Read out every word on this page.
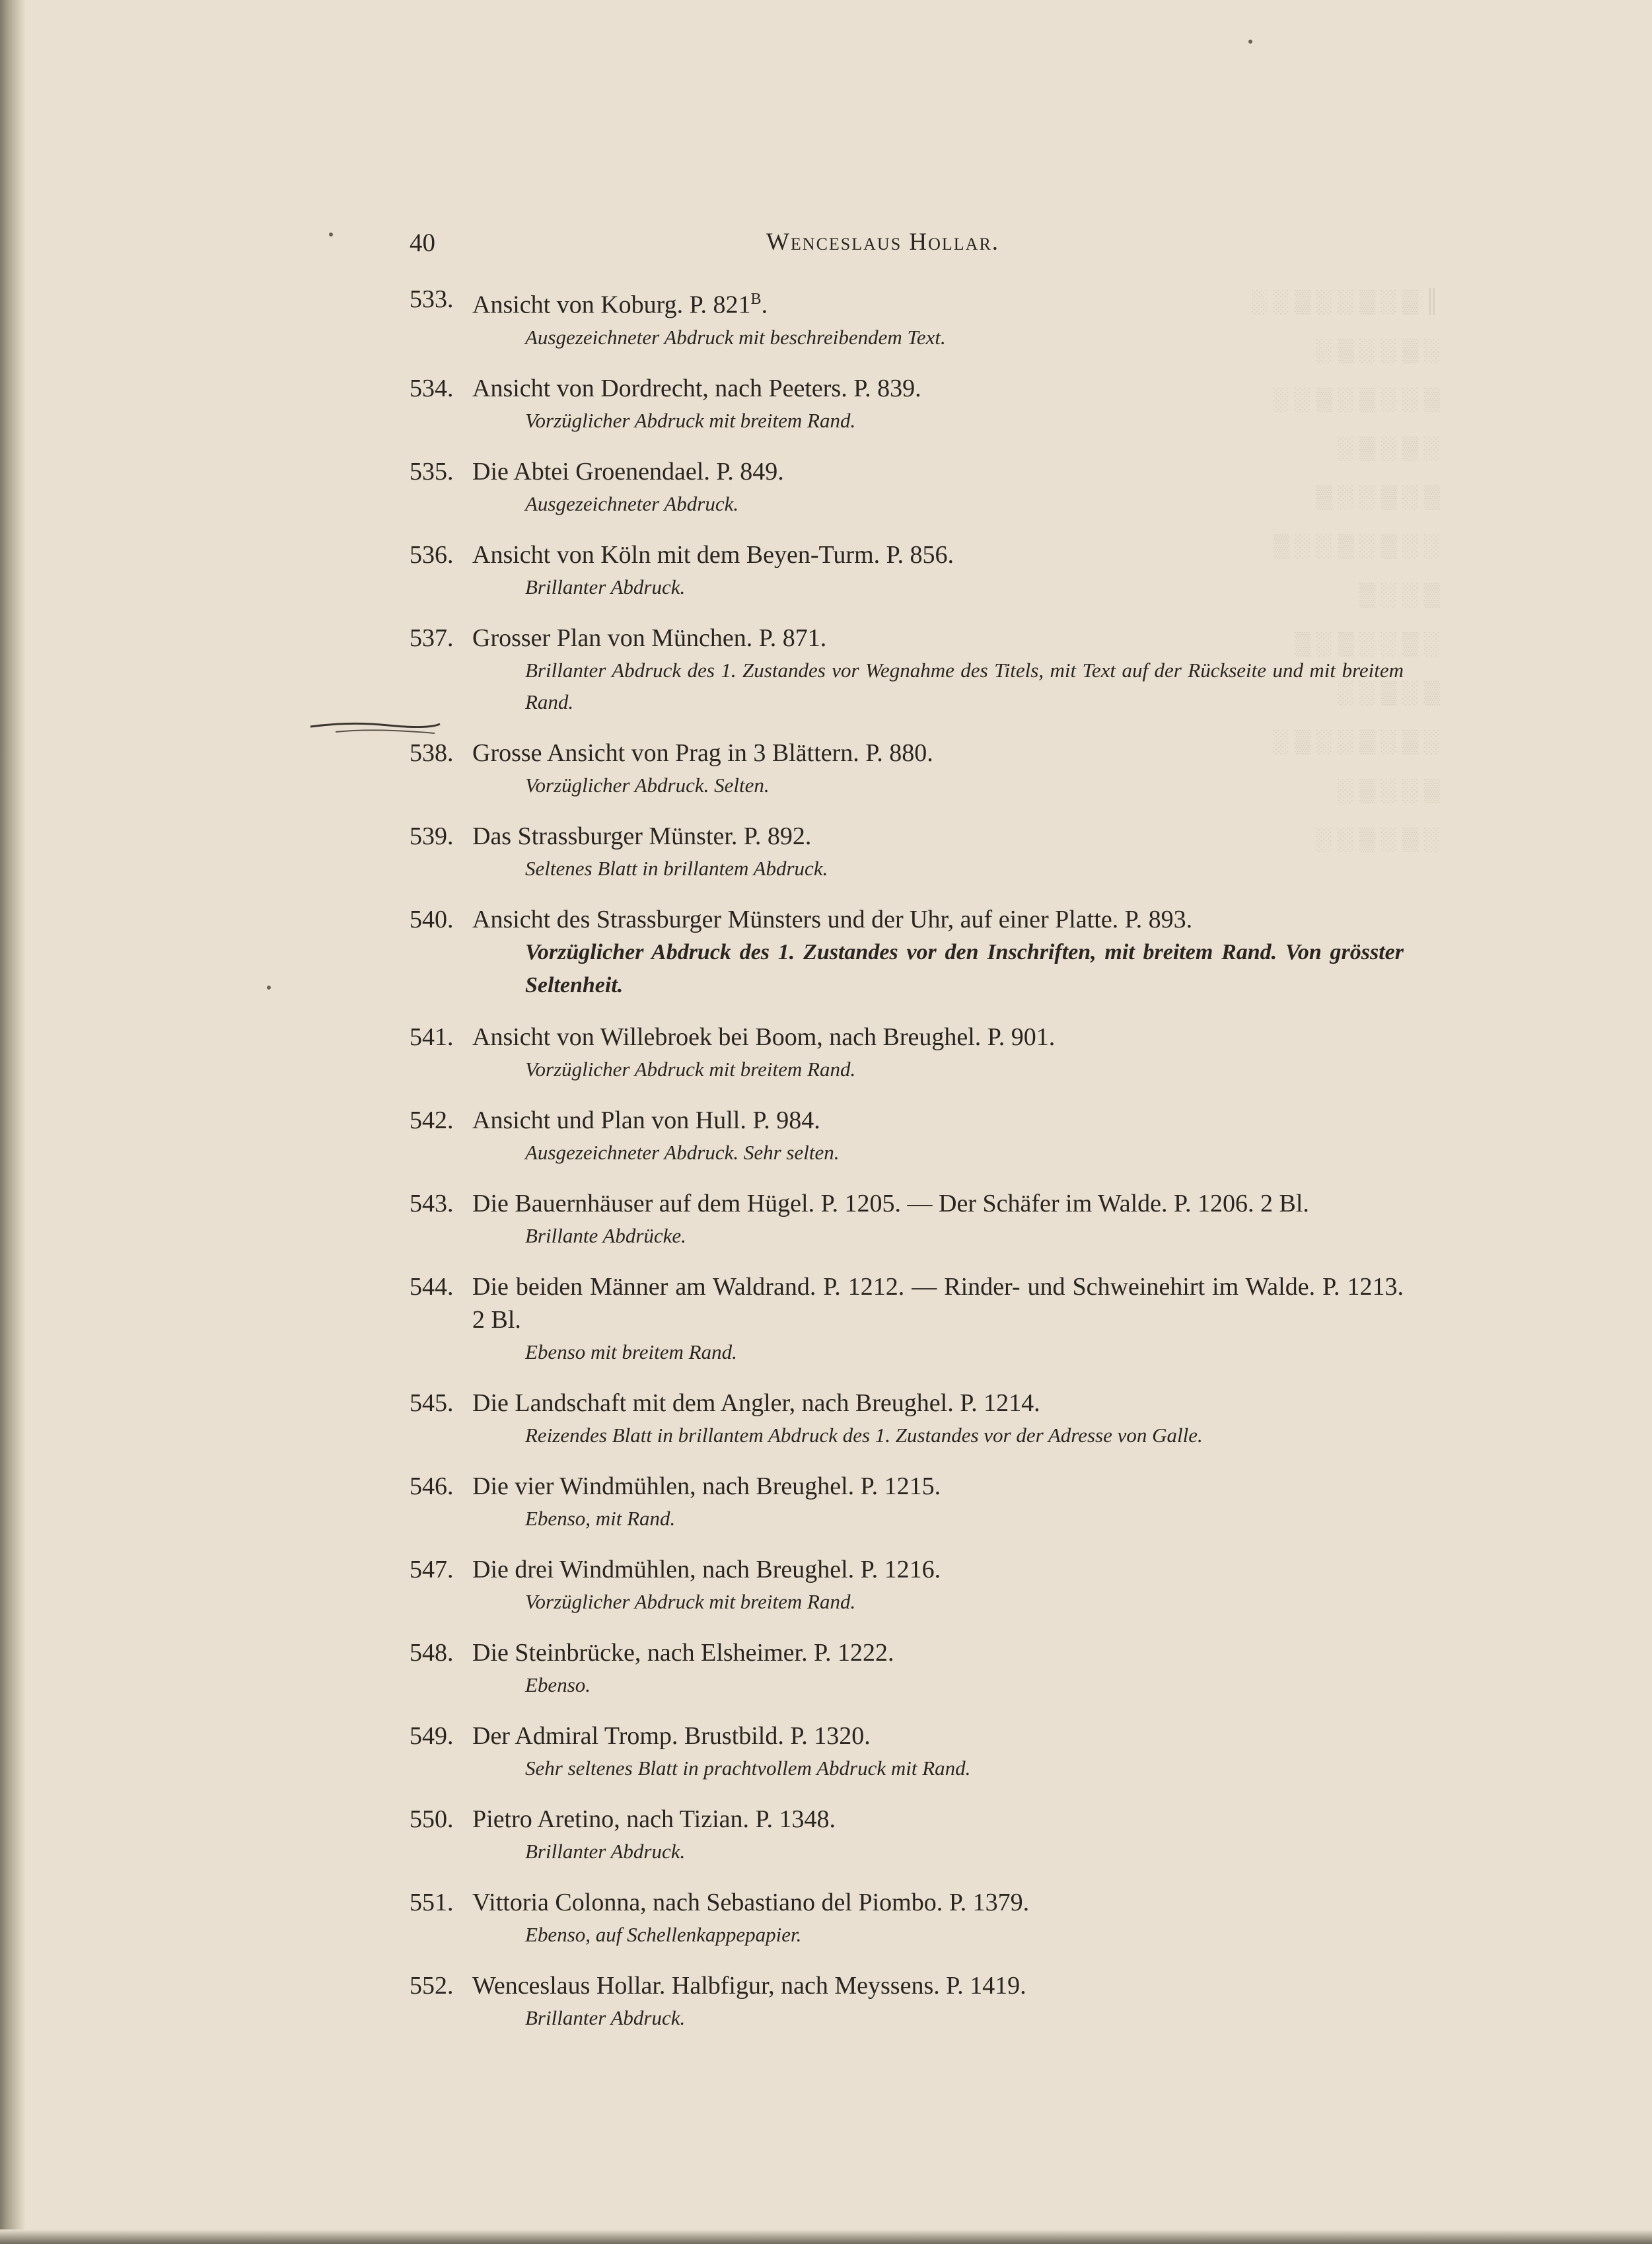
║ ▒ ░ ▒ ░ ░ ▒ ░ ░
░ ▒ ░ ░ ▒ ░
▒ ░ ░ ▒ ░ ▒ ░ ░
░ ▒ ░ ▒ ░
▒ ░ ▒ ░ ░ ▒
░ ░ ▒ ░ ▒ ░ ░ ▒
▒ ░ ░ ▒
░ ▒ ░ ░ ▒ ░ ▒
▒ ░ ▒ ░ ░
░ ▒ ░ ▒ ░ ░ ▒ ░
▒ ░ ░ ▒ ░
░ ▒ ░ ▒ ░ ░
40	Wenceslaus Hollar.
533. Ansicht von Koburg. P. $821^B$.
Ausgezeichneter Abdruck mit beschreibendem Text.
534. Ansicht von Dordrecht, nach Peeters. P. 839.
Vorzüglicher Abdruck mit breitem Rand.
535. Die Abtei Groenendael. P. 849.
Ausgezeichneter Abdruck.
536. Ansicht von Köln mit dem Beyen-Turm. P. 856.
Brillanter Abdruck.
537. Grosser Plan von München. P. 871.
Brillanter Abdruck des 1. Zustandes vor Wegnahme des Titels, mit Text auf der Rückseite und mit breitem Rand.
538. Grosse Ansicht von Prag in 3 Blättern. P. 880.
Vorzüglicher Abdruck. Selten.
539. Das Strassburger Münster. P. 892.
Seltenes Blatt in brillantem Abdruck.
540. Ansicht des Strassburger Münsters und der Uhr, auf einer Platte. P. 893.
Vorzüglicher Abdruck des 1. Zustandes vor den Inschriften, mit breitem Rand. Von grösster Seltenheit.
541. Ansicht von Willebroek bei Boom, nach Breughel. P. 901.
Vorzüglicher Abdruck mit breitem Rand.
542. Ansicht und Plan von Hull. P. 984.
Ausgezeichneter Abdruck. Sehr selten.
543. Die Bauernhäuser auf dem Hügel. P. 1205. — Der Schäfer im Walde. P. 1206. 2 Bl.
Brillante Abdrücke.
544. Die beiden Männer am Waldrand. P. 1212. — Rinder- und Schweinehirt im Walde. P. 1213. 2 Bl.
Ebenso mit breitem Rand.
545. Die Landschaft mit dem Angler, nach Breughel. P. 1214.
Reizendes Blatt in brillantem Abdruck des 1. Zustandes vor der Adresse von Galle.
546. Die vier Windmühlen, nach Breughel. P. 1215.
Ebenso, mit Rand.
547. Die drei Windmühlen, nach Breughel. P. 1216.
Vorzüglicher Abdruck mit breitem Rand.
548. Die Steinbrücke, nach Elsheimer. P. 1222.
Ebenso.
549. Der Admiral Tromp. Brustbild. P. 1320.
Sehr seltenes Blatt in prachtvollem Abdruck mit Rand.
550. Pietro Aretino, nach Tizian. P. 1348.
Brillanter Abdruck.
551. Vittoria Colonna, nach Sebastiano del Piombo. P. 1379.
Ebenso, auf Schellenkappepapier.
552. Wenceslaus Hollar. Halbfigur, nach Meyssens. P. 1419.
Brillanter Abdruck.
